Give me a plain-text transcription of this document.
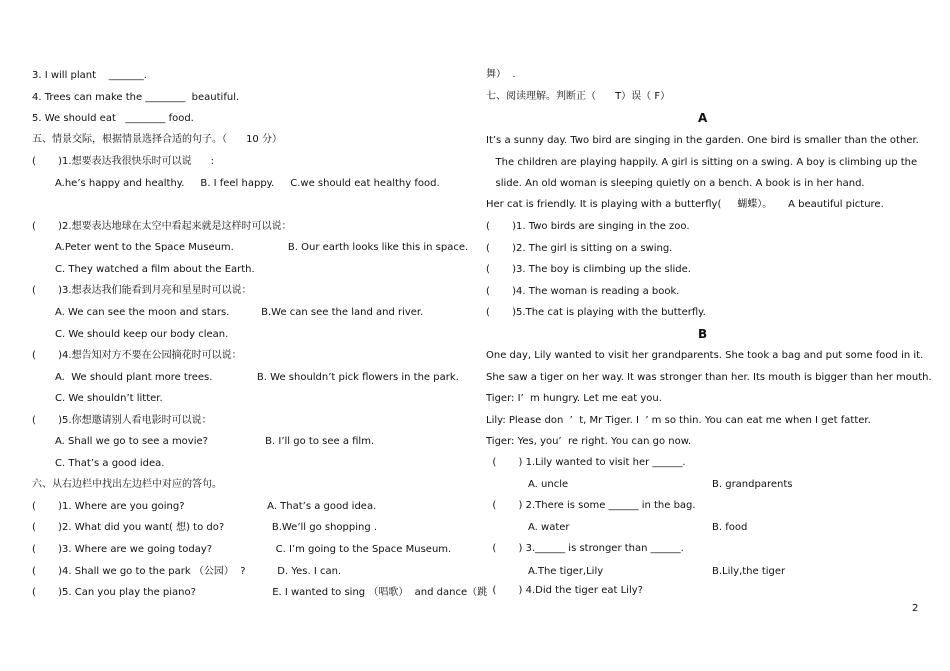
3. I will plant    _______.
4. Trees can make the ________  beautiful.
5. We should eat   ________ food.
五、情景交际，根据情景选择合适的句子。（      10 分）
(       )1.想要表达我很快乐时可以说      :
A.he’s happy and healthy.     B. I feel happy.     C.we should eat healthy food.
(       )2.想要表达地球在太空中看起来就是这样时可以说：
A.Peter went to the Space Museum.                 B. Our earth looks like this in space.
C. They watched a film about the Earth.
(       )3.想表达我们能看到月亮和星星时可以说：
A. We can see the moon and stars.          B.We can see the land and river.
C. We should keep our body clean.
(       )4.想告知对方不要在公园摘花时可以说：
A.  We should plant more trees.              B. We shouldn’t pick flowers in the park.
C. We shouldn’t litter.
(       )5.你想邀请别人看电影时可以说：
A. Shall we go to see a movie?                  B. I’ll go to see a film.
C. That’s a good idea.
六、从右边栏中找出左边栏中对应的答句。
(       )1. Where are you going?                          A. That’s a good idea.
(       )2. What did you want( 想) to do?               B.We’ll go shopping .
(       )3. Where are we going today?                    C. I’m going to the Space Museum.
(       )4. Shall we go to the park （公园）  ?          D. Yes. I can.
(       )5. Can you play the piano?                        E. I wanted to sing （唱歌）  and dance（跳
舞）  .
七、阅读理解。判断正（      T）误（ F）
A
It’s a sunny day. Two bird are singing in the garden. One bird is smaller than the other.
The children are playing happily. A girl is sitting on a swing. A boy is climbing up the
slide. An old woman is sleeping quietly on a bench. A book is in her hand.
Her cat is friendly. It is playing with a butterfly(     蝴蝶）。     A beautiful picture.
(       )1. Two birds are singing in the zoo.
(       )2. The girl is sitting on a swing.
(       )3. The boy is climbing up the slide.
(       )4. The woman is reading a book.
(       )5.The cat is playing with the butterfly.
B
One day, Lily wanted to visit her grandparents. She took a bag and put some food in it.
She saw a tiger on her way. It was stronger than her. Its mouth is bigger than her mouth.
Tiger: I’  m hungry. Let me eat you.
Lily: Please don  ’  t, Mr Tiger. I  ’ m so thin. You can eat me when I get fatter.
Tiger: Yes, you’  re right. You can go now.
(       ) 1.Lily wanted to visit her ______.
A. uncle	B. grandparents
(       ) 2.There is some ______ in the bag.
A. water	B. food
(       ) 3.______ is stronger than ______.
A.The tiger,Lily	B.Lily,the tiger
(       ) 4.Did the tiger eat Lily?
2
